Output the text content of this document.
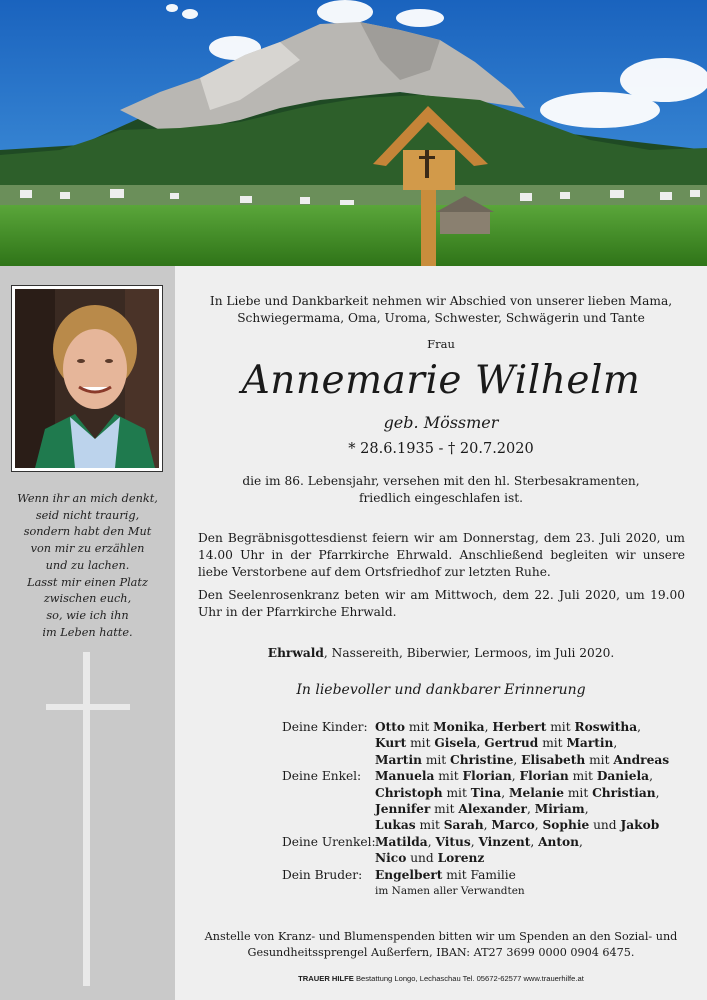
Wenn ihr an mich denkt,
seid nicht traurig,
sondern habt den Mut
von mir zu erzählen
und zu lachen.
Lasst mir einen Platz
zwischen euch,
so, wie ich ihn
im Leben hatte.
In Liebe und Dankbarkeit nehmen wir Abschied von unserer lieben Mama,
Schwiegermama, Oma, Uroma, Schwester, Schwägerin und Tante
Frau
Annemarie Wilhelm
geb. Mössmer
* 28.6.1935 - † 20.7.2020
die im 86. Lebensjahr, versehen mit den hl. Sterbesakramenten,
friedlich eingeschlafen ist.
Den Begräbnisgottesdienst feiern wir am Donnerstag, dem 23. Juli 2020, um 14.00 Uhr in der Pfarrkirche Ehrwald. Anschließend begleiten wir unsere liebe Verstorbene auf dem Ortsfriedhof zur letzten Ruhe.
Den Seelenrosenkranz beten wir am Mittwoch, dem 22. Juli 2020, um 19.00 Uhr in der Pfarrkirche Ehrwald.
Ehrwald, Nassereith, Biberwier, Lermoos, im Juli 2020.
In liebevoller und dankbarer Erinnerung
Deine Kinder: Otto mit Monika, Herbert mit Roswitha,
Kurt mit Gisela, Gertrud mit Martin,
Martin mit Christine, Elisabeth mit Andreas
Deine Enkel:	Manuela mit Florian, Florian mit Daniela,
Christoph mit Tina, Melanie mit Christian,
Jennifer mit Alexander, Miriam,
Lukas mit Sarah, Marco, Sophie und Jakob
Deine Urenkel: Matilda, Vitus, Vinzent, Anton,
Nico und Lorenz
Dein Bruder:	Engelbert mit Familie
im Namen aller Verwandten
Anstelle von Kranz- und Blumenspenden bitten wir um Spenden an den Sozial- und
Gesundheitssprengel Außerfern, IBAN: AT27 3699 0000 0904 6475.
TRAUER HILFE Bestattung Longo, Lechaschau Tel. 05672-62577 www.trauerhilfe.at
